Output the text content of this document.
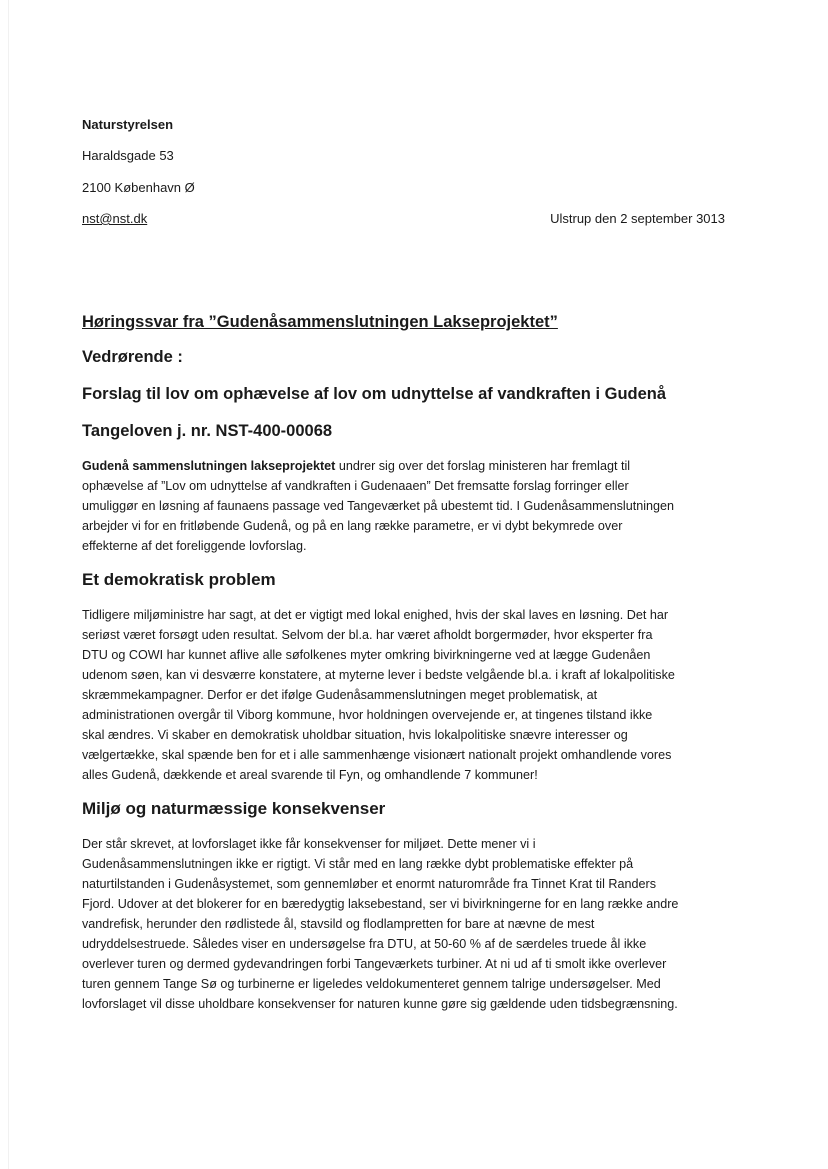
Naturstyrelsen
Haraldsgade 53
2100 København Ø
nst@nst.dk	Ulstrup den 2 september 3013
Høringssvar fra ”Gudenåsammenslutningen Lakseprojektet”
Vedrørende :
Forslag til lov om ophævelse af lov om udnyttelse af vandkraften i Gudenå
Tangeloven j. nr. NST-400-00068
Gudenå sammenslutningen lakseprojektet undrer sig over det forslag ministeren har fremlagt til
ophævelse af ”Lov om udnyttelse af vandkraften i Gudenaaen” Det fremsatte forslag forringer eller
umuliggør en løsning af faunaens passage ved Tangeværket på ubestemt tid. I Gudenåsammenslutningen
arbejder vi for en fritløbende Gudenå, og på en lang række parametre, er vi dybt bekymrede over
effekterne af det foreliggende lovforslag.
Et demokratisk problem
Tidligere miljøministre har sagt, at det er vigtigt med lokal enighed, hvis der skal laves en løsning. Det har
seriøst været forsøgt uden resultat. Selvom der bl.a. har været afholdt borgermøder, hvor eksperter fra
DTU og COWI har kunnet aflive alle søfolkenes myter omkring bivirkningerne ved at lægge Gudenåen
udenom søen, kan vi desværre konstatere, at myterne lever i bedste velgående bl.a. i kraft af lokalpolitiske
skræmmekampagner. Derfor er det ifølge Gudenåsammenslutningen meget problematisk, at
administrationen overgår til Viborg kommune, hvor holdningen overvejende er, at tingenes tilstand ikke
skal ændres. Vi skaber en demokratisk uholdbar situation, hvis lokalpolitiske snævre interesser og
vælgertække, skal spænde ben for et i alle sammenhænge visionært nationalt projekt omhandlende vores
alles Gudenå, dækkende et areal svarende til Fyn, og omhandlende 7 kommuner!
Miljø og naturmæssige konsekvenser
Der står skrevet, at lovforslaget ikke får konsekvenser for miljøet. Dette mener vi i
Gudenåsammenslutningen ikke er rigtigt. Vi står med en lang række dybt problematiske effekter på
naturtilstanden i Gudenåsystemet, som gennemløber et enormt naturområde fra Tinnet Krat til Randers
Fjord. Udover at det blokerer for en bæredygtig laksebestand, ser vi bivirkningerne for en lang række andre
vandrefisk, herunder den rødlistede ål, stavsild og flodlampretten for bare at nævne de mest
udryddelsestruede. Således viser en undersøgelse fra DTU, at 50-60 % af de særdeles truede ål ikke
overlever turen og dermed gydevandringen forbi Tangeværkets turbiner. At ni ud af ti smolt ikke overlever
turen gennem Tange Sø og turbinerne er ligeledes veldokumenteret gennem talrige undersøgelser. Med
lovforslaget vil disse uholdbare konsekvenser for naturen kunne gøre sig gældende uden tidsbegrænsning.
